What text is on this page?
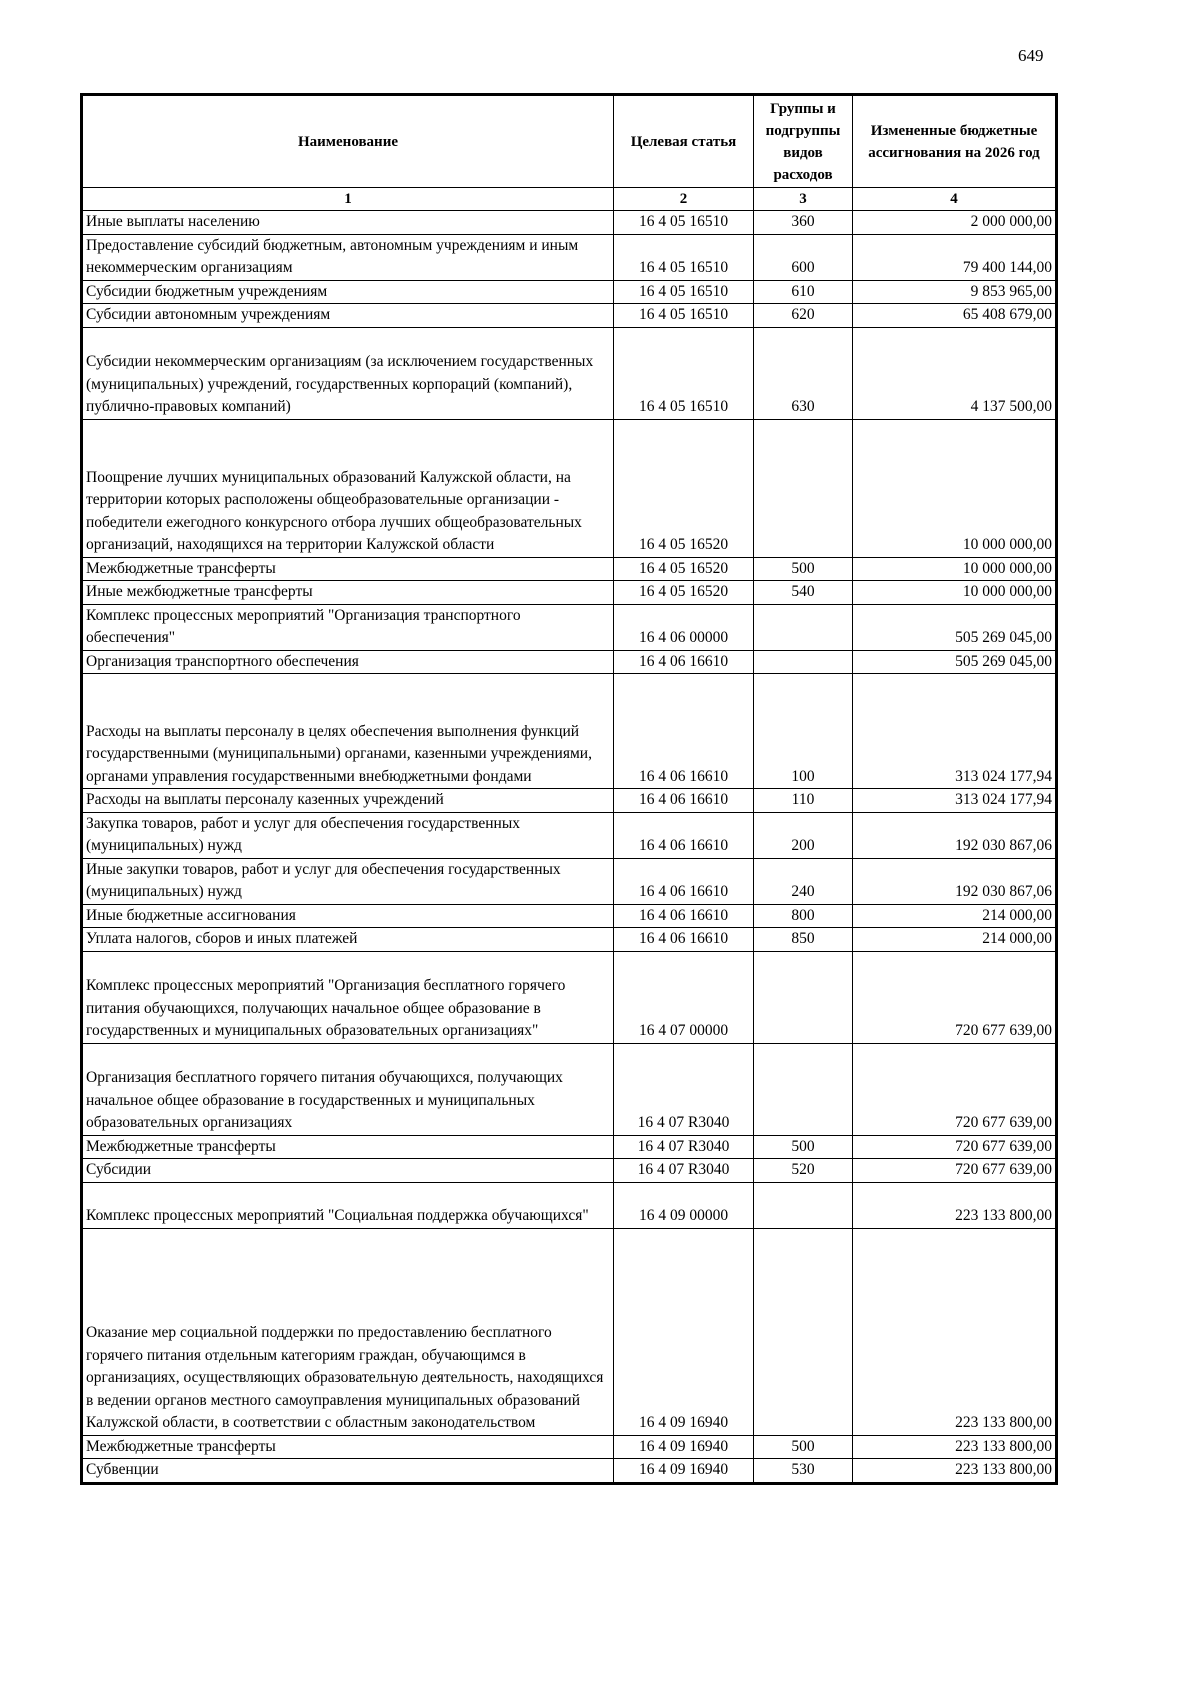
649
Наименование	Целевая статья	Группы и подгруппы видов расходов	Измененные бюджетные ассигнования на 2026 год
1	2	3	4
Иные выплаты населению	16 4 05 16510	360	2 000 000,00
Предоставление субсидий бюджетным, автономным учреждениям и иным некоммерческим организациям	16 4 05 16510	600	79 400 144,00
Субсидии бюджетным учреждениям	16 4 05 16510	610	9 853 965,00
Субсидии автономным учреждениям	16 4 05 16510	620	65 408 679,00
Субсидии некоммерческим организациям (за исключением государственных (муниципальных) учреждений, государственных корпораций (компаний), публично-правовых компаний)	16 4 05 16510	630	4 137 500,00
Поощрение лучших муниципальных образований Калужской области, на территории которых расположены общеобразовательные организации - победители ежегодного конкурсного отбора лучших общеобразовательных организаций, находящихся на территории Калужской области	16 4 05 16520		10 000 000,00
Межбюджетные трансферты	16 4 05 16520	500	10 000 000,00
Иные межбюджетные трансферты	16 4 05 16520	540	10 000 000,00
Комплекс процессных мероприятий "Организация транспортного обеспечения"	16 4 06 00000		505 269 045,00
Организация транспортного обеспечения	16 4 06 16610		505 269 045,00
Расходы на выплаты персоналу в целях обеспечения выполнения функций государственными (муниципальными) органами, казенными учреждениями, органами управления государственными внебюджетными фондами	16 4 06 16610	100	313 024 177,94
Расходы на выплаты персоналу казенных учреждений	16 4 06 16610	110	313 024 177,94
Закупка товаров, работ и услуг для обеспечения государственных (муниципальных) нужд	16 4 06 16610	200	192 030 867,06
Иные закупки товаров, работ и услуг для обеспечения государственных (муниципальных) нужд	16 4 06 16610	240	192 030 867,06
Иные бюджетные ассигнования	16 4 06 16610	800	214 000,00
Уплата налогов, сборов и иных платежей	16 4 06 16610	850	214 000,00
Комплекс процессных мероприятий "Организация бесплатного горячего питания обучающихся, получающих начальное общее образование в государственных и муниципальных образовательных организациях"	16 4 07 00000		720 677 639,00
Организация бесплатного горячего питания обучающихся, получающих начальное общее образование в государственных и муниципальных образовательных организациях	16 4 07 R3040		720 677 639,00
Межбюджетные трансферты	16 4 07 R3040	500	720 677 639,00
Субсидии	16 4 07 R3040	520	720 677 639,00
Комплекс процессных мероприятий "Социальная поддержка обучающихся"	16 4 09 00000		223 133 800,00
Оказание мер социальной поддержки по предоставлению бесплатного горячего питания отдельным категориям граждан, обучающимся в организациях, осуществляющих образовательную деятельность, находящихся в ведении органов местного самоуправления муниципальных образований Калужской области, в соответствии с областным законодательством	16 4 09 16940		223 133 800,00
Межбюджетные трансферты	16 4 09 16940	500	223 133 800,00
Субвенции	16 4 09 16940	530	223 133 800,00
